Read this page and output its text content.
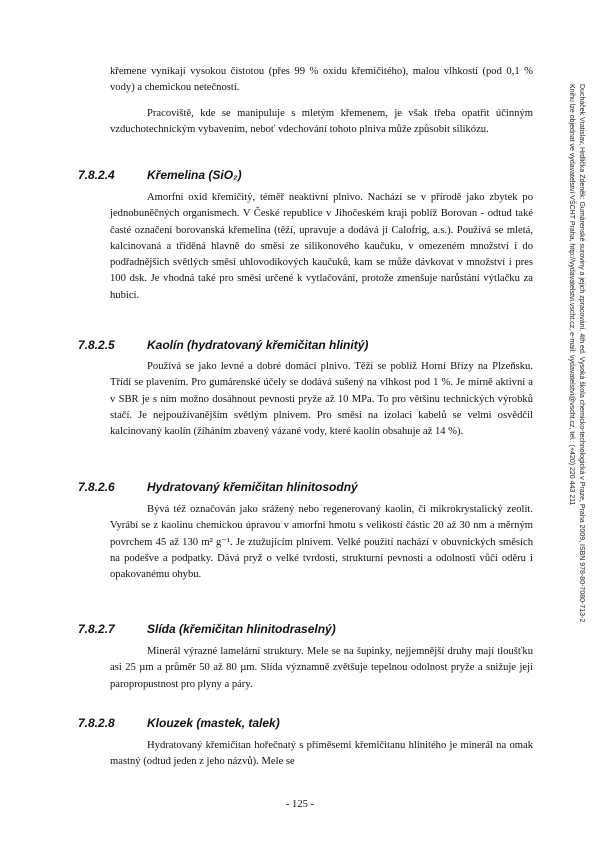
křemene vynikají vysokou čistotou (přes 99 % oxidu křemičitého), malou vlhkostí (pod 0,1 % vody) a chemickou netečností.

Pracoviště, kde se manipuluje s mletým křemenem, je však třeba opatřit účinným vzduchotechnickým vybavením, neboť vdechování tohoto plniva může způsobit silikózu.

7.8.2.4	Křemelina (SiO₂)

Amorfní oxid křemičitý, téměř neaktivní plnivo. Nachází se v přírodě jako zbytek po jednobuněčných organismech. V České republice v Jihočeském kraji poblíž Borovan - odtud také časté označení borovanská křemelina (těží, upravuje a dodává ji Calofrig, a.s.). Používá se mletá, kalcinovaná a tříděná hlavně do směsí ze silikonového kaučuku, v omezeném množství i do podřadnějších světlých směsí uhlovodíkových kaučuků, kam se může dávkovat v množství i pres 100 dsk. Je vhodná také pro směsi určené k vytlačování, protože zmenšuje narůstání výtlačku za hubicí.

7.8.2.5	Kaolín (hydratovaný křemičitan hlinitý)

Používá se jako levné a dobré domácí plnivo. Těží se poblíž Horní Břízy na Plzeňsku. Třídí se plavením. Pro gumárenské účely se dodává sušený na vlhkost pod 1 %. Je mírně aktivní a v SBR je s ním možno dosáhnout pevnosti pryže až 10 MPa. To pro většinu technických výrobků stačí. Je nejpoužívanějším světlým plnivem. Pro směsi na izolaci kabelů se velmi osvědčil kalcinovaný kaolín (žíháním zbavený vázané vody, které kaolín obsahuje až 14 %).

7.8.2.6	Hydratovaný křemičitan hlinitosodný

Bývá též označován jako srážený nebo regenerovaný kaolin, či mikrokrystalický zeolit. Vyrábí se z kaolinu chemickou úpravou v amorfní hmotu s velikostí částic 20 až 30 nm a měrným povrchem 45 až 130 m² g⁻¹. Je ztužujícím plnivem. Velké použití nachází v obuvnických směsích na podešve a podpatky. Dává pryž o velké tvrdosti, strukturní pevnosti a odolnosti vůči oděru i opakovanému ohybu.

7.8.2.7	Slída (křemičitan hlinitodraselný)

Minerál výrazné lamelární struktury. Mele se na šupinky, nejjemnější druhy mají tloušťku asi 25 µm a průměr 50 až 80 µm. Slída významně zvětšuje tepelnou odolnost pryže a snižuje její paropropustnost pro plyny a páry.

7.8.2.8	Klouzek (mastek, talek)

Hydratovaný křemičitan hořečnatý s příměsemi křemičitanu hlinitého je minerál na omak mastný (odtud jeden z jeho názvů). Mele se

- 125 -
Ducháček Vratislav, Hrdlička Zdeněk: Gumárenské suroviny a jejich zpracování. 4th ed. Vysoká škola chemicko-technologická v Praze, Praha 2009, ISBN 978-80-7080-713-2
Knihu lze objednat ve vydavatelství VŠCHT Praha, http://vydavatelstvi.vscht.cz, e-mail: vydavatelstvi@vscht.cz, tel.: (+420) 220 443 211
